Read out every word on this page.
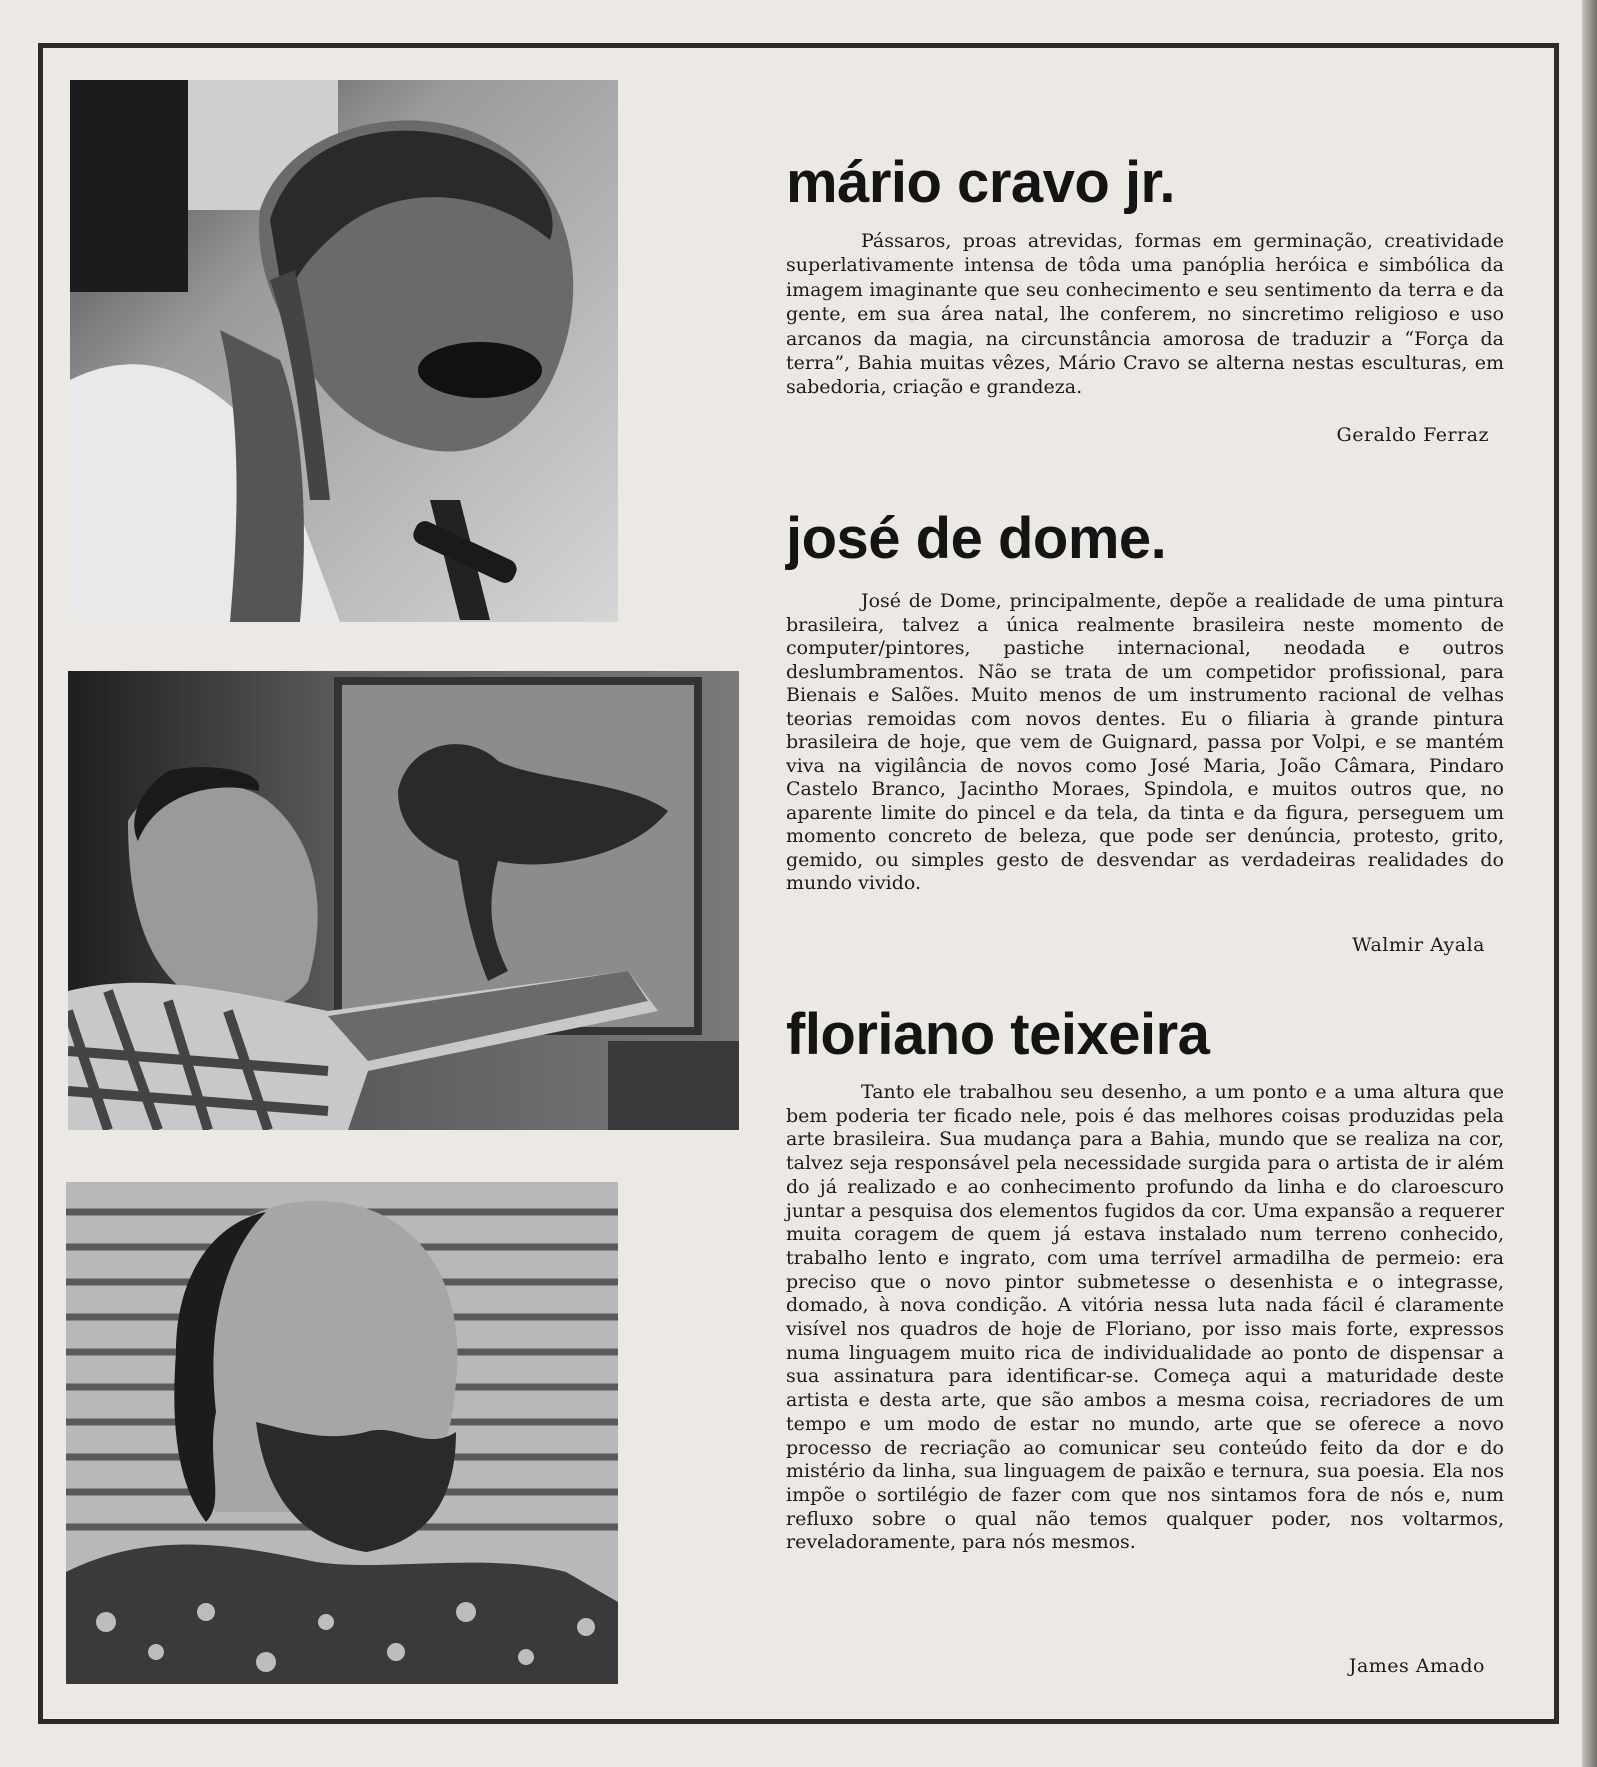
mário cravo jr.

Pássaros, proas atrevidas, formas em germinação, creatividade superlativamente intensa de tôda uma panóplia heróica e simbólica da imagem imaginante que seu conhecimento e seu sentimento da terra e da gente, em sua área natal, lhe conferem, no sincretimo religioso e uso arcanos da magia, na circunstância amorosa de traduzir a “Força da terra”, Bahia muitas vêzes, Mário Cravo se alterna nestas esculturas, em sabedoria, criação e grandeza.

Geraldo Ferraz

josé de dome.

José de Dome, principalmente, depõe a realidade de uma pintura brasileira, talvez a única realmente brasileira neste momento de computer/pintores, pastiche internacional, neodada e outros deslumbramentos. Não se trata de um competidor profissional, para Bienais e Salões. Muito menos de um instrumento racional de velhas teorias remoidas com novos dentes. Eu o filiaria à grande pintura brasileira de hoje, que vem de Guignard, passa por Volpi, e se mantém viva na vigilância de novos como José Maria, João Câmara, Pindaro Castelo Branco, Jacintho Moraes, Spindola, e muitos outros que, no aparente limite do pincel e da tela, da tinta e da figura, perseguem um momento concreto de beleza, que pode ser denúncia, protesto, grito, gemido, ou simples gesto de desvendar as verdadeiras realidades do mundo vivido.

Walmir Ayala

floriano teixeira

Tanto ele trabalhou seu desenho, a um ponto e a uma altura que bem poderia ter ficado nele, pois é das melhores coisas produzidas pela arte brasileira. Sua mudança para a Bahia, mundo que se realiza na cor, talvez seja responsável pela necessidade surgida para o artista de ir além do já realizado e ao conhecimento profundo da linha e do claroescuro juntar a pesquisa dos elementos fugidos da cor. Uma expansão a requerer muita coragem de quem já estava instalado num terreno conhecido, trabalho lento e ingrato, com uma terrível armadilha de permeio: era preciso que o novo pintor submetesse o desenhista e o integrasse, domado, à nova condição. A vitória nessa luta nada fácil é claramente visível nos quadros de hoje de Floriano, por isso mais forte, expressos numa linguagem muito rica de individualidade ao ponto de dispensar a sua assinatura para identificar-se. Começa aqui a maturidade deste artista e desta arte, que são ambos a mesma coisa, recriadores de um tempo e um modo de estar no mundo, arte que se oferece a novo processo de recriação ao comunicar seu conteúdo feito da dor e do mistério da linha, sua linguagem de paixão e ternura, sua poesia. Ela nos impõe o sortilégio de fazer com que nos sintamos fora de nós e, num refluxo sobre o qual não temos qualquer poder, nos voltarmos, reveladoramente, para nós mesmos.

James Amado
